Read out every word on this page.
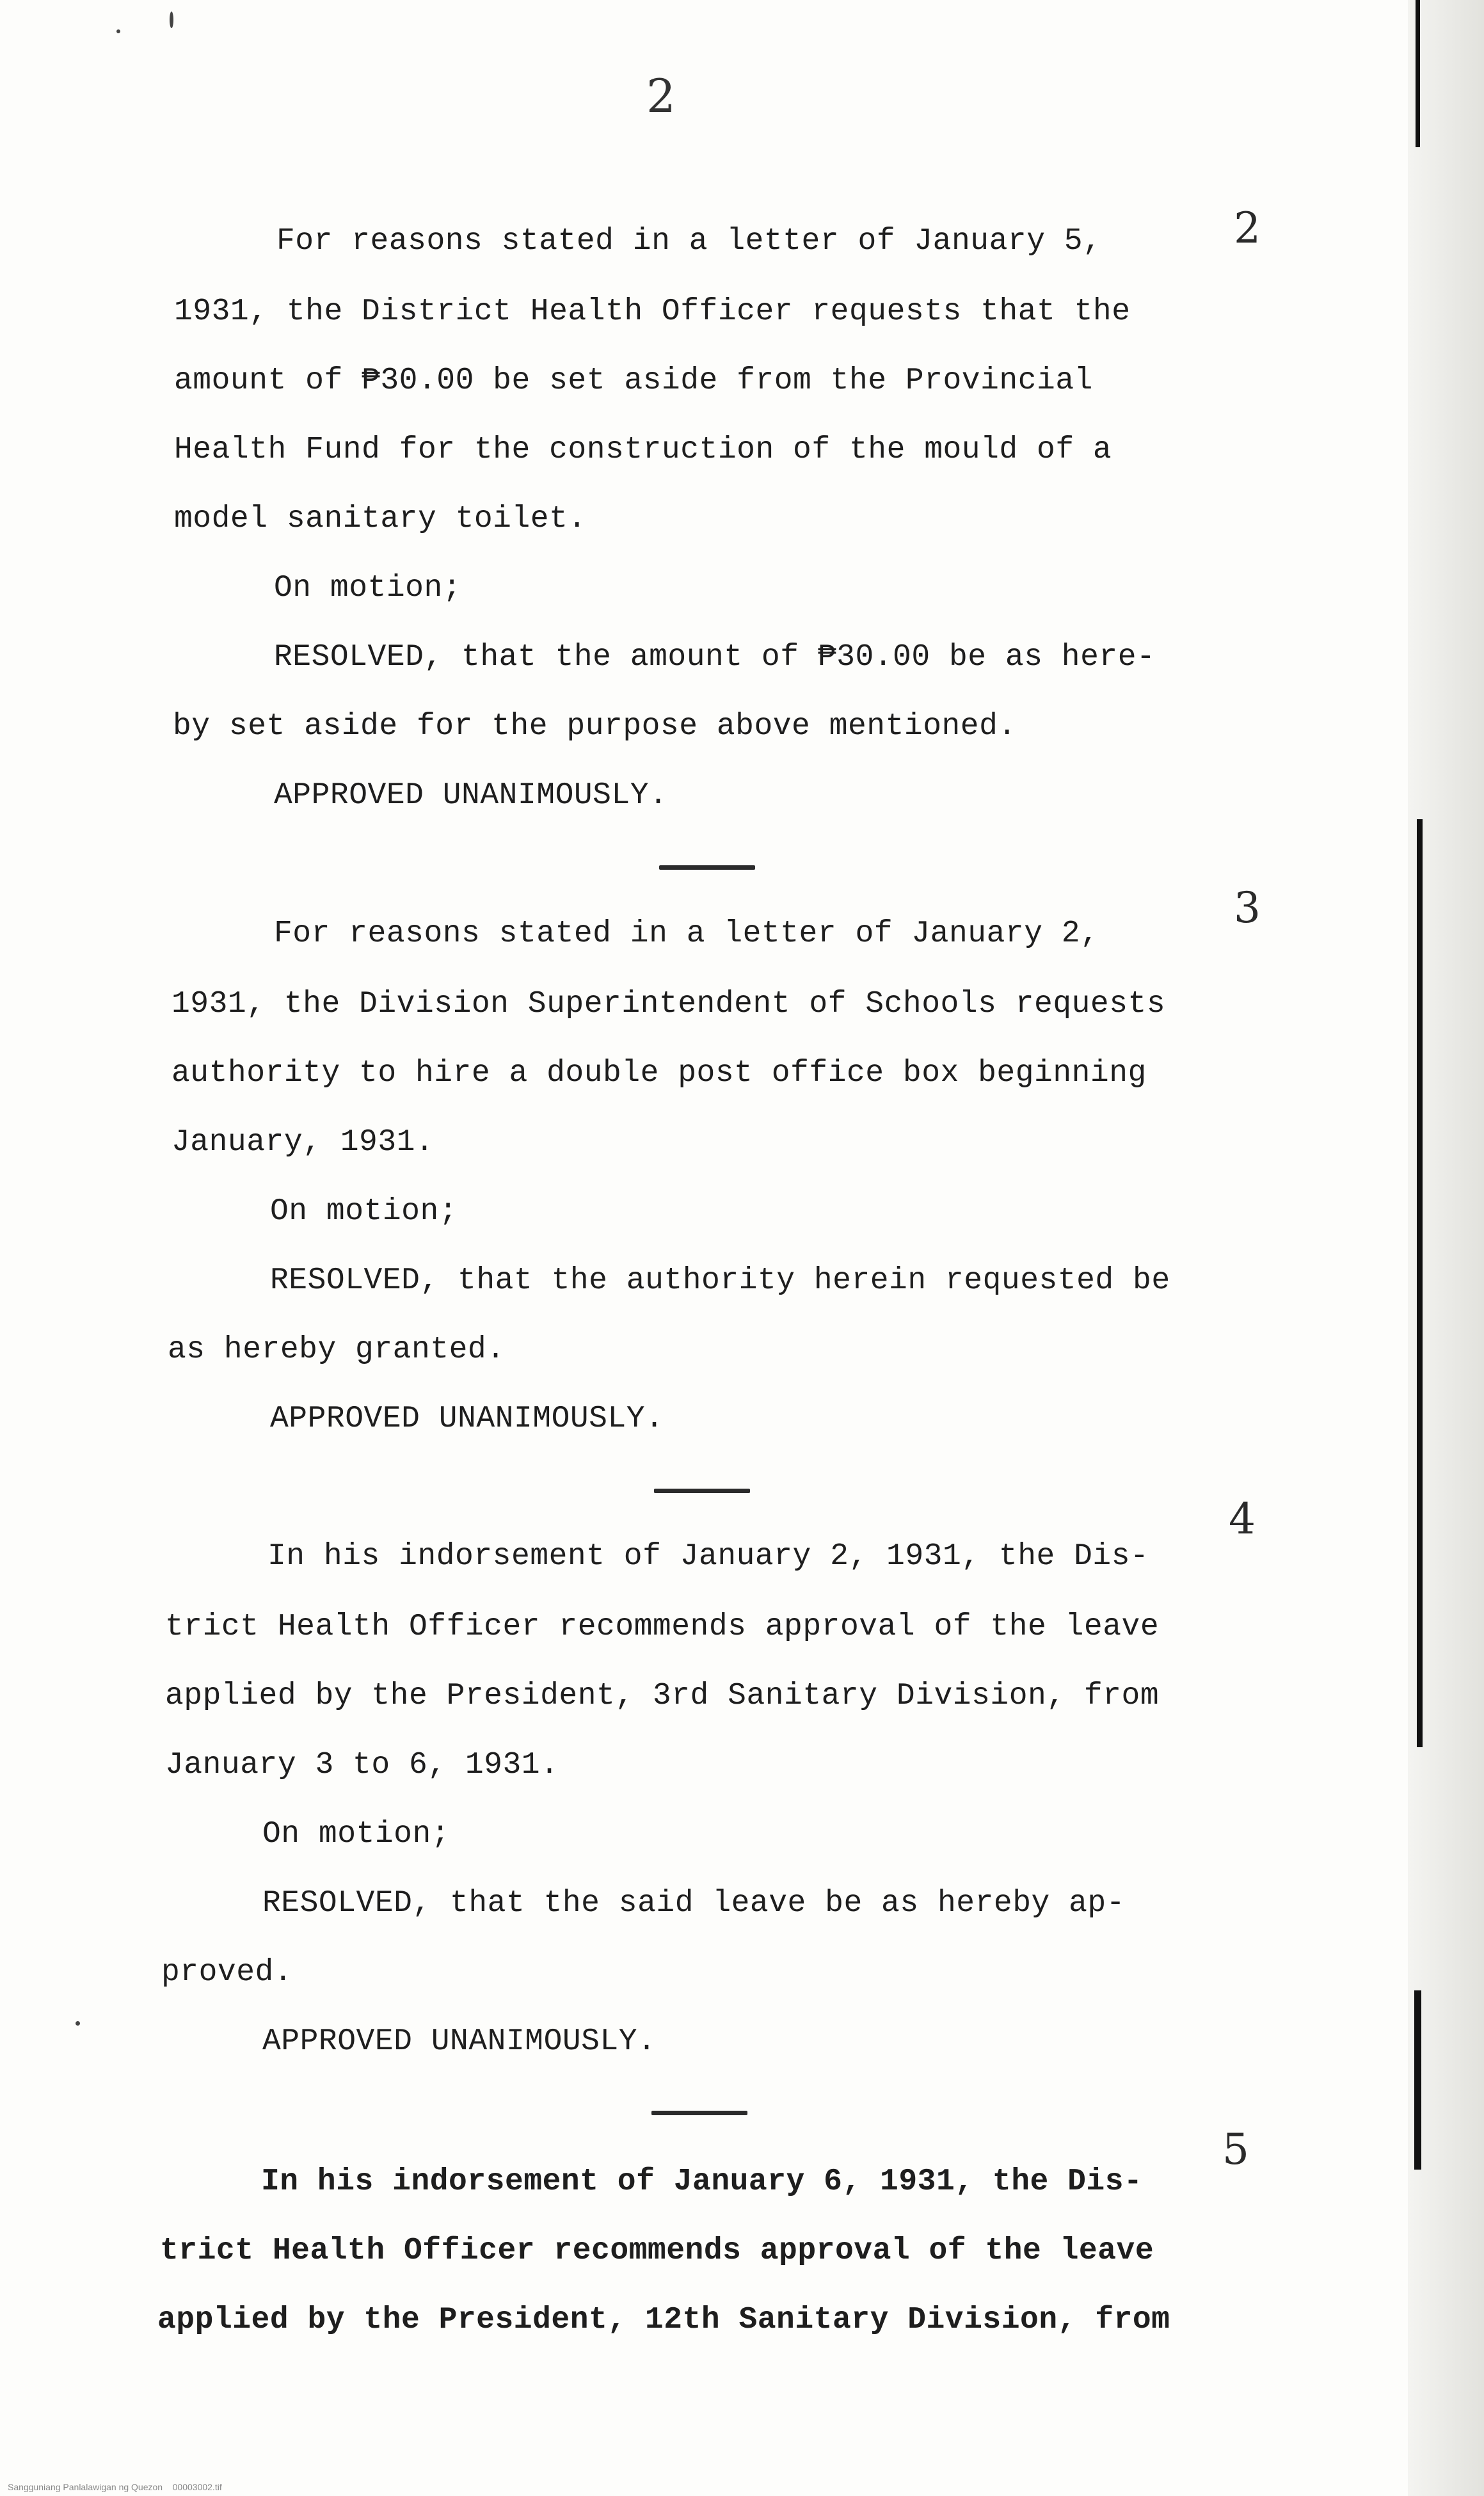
2
2
For reasons stated in a letter of January 5,
1931, the District Health Officer requests that the
amount of ₱30.00 be set aside from the Provincial
Health Fund for the construction of the mould of a
model sanitary toilet.
On motion;
RESOLVED, that the amount of ₱30.00 be as here-
by set aside for the purpose above mentioned.
APPROVED UNANIMOUSLY.
3
For reasons stated in a letter of January 2,
1931, the Division Superintendent of Schools requests
authority to hire a double post office box beginning
January, 1931.
On motion;
RESOLVED, that the authority herein requested be
as hereby granted.
APPROVED UNANIMOUSLY.
4
In his indorsement of January 2, 1931, the Dis-
trict Health Officer recommends approval of the leave
applied by the President, 3rd Sanitary Division, from
January 3 to 6, 1931.
On motion;
RESOLVED, that the said leave be as hereby ap-
proved.
APPROVED UNANIMOUSLY.
5
In his indorsement of January 6, 1931, the Dis-
trict Health Officer recommends approval of the leave
applied by the President, 12th Sanitary Division, from
Sangguniang Panlalawigan ng Quezon    00003002.tif
